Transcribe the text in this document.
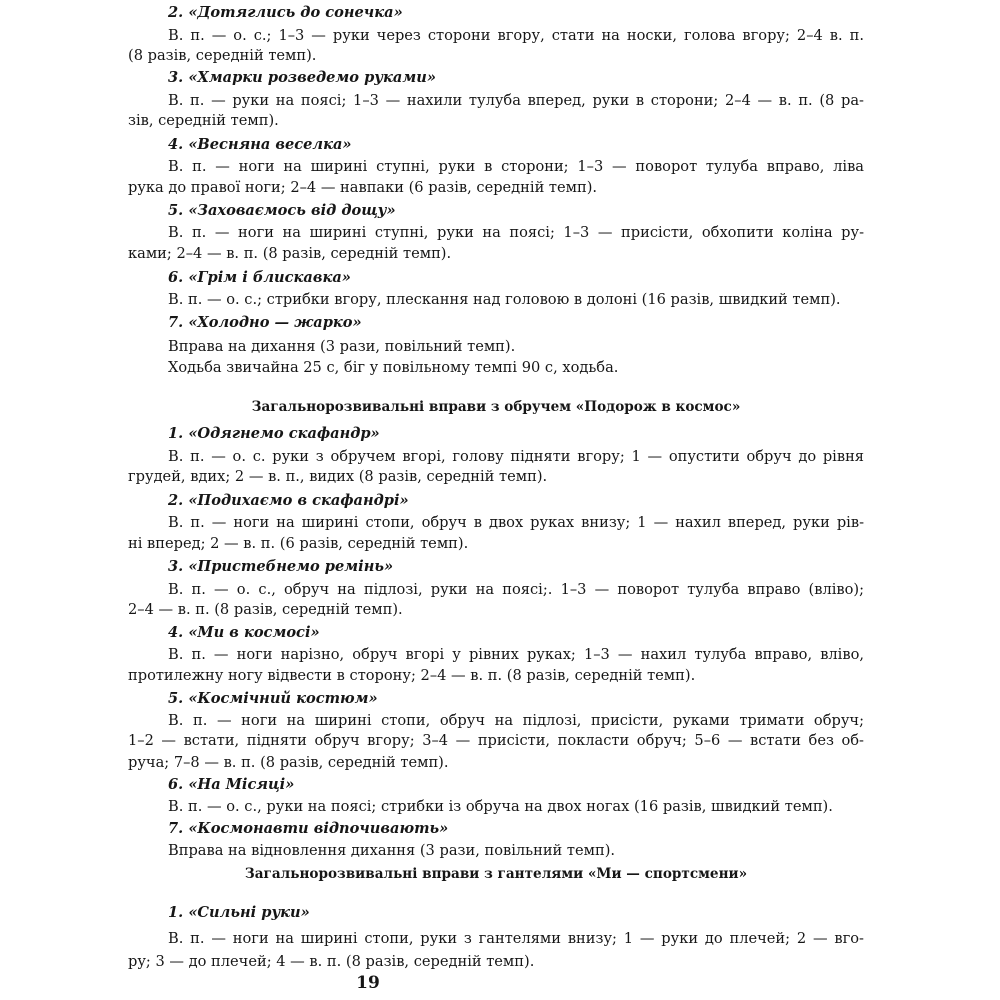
2. «Дотяглись до сонечка»
В. п. — о. с.; 1–3 — руки через сторони вгору, стати на носки, голова вгору; 2–4 в. п.
(8 разів, середній темп).
3. «Хмарки розведемо руками»
В. п. — руки на поясі; 1–3 — нахили тулуба вперед, руки в сторони; 2–4 — в. п. (8 ра-
зів, середній темп).
4. «Весняна веселка»
В. п. — ноги на ширині ступні, руки в сторони; 1–3 — поворот тулуба вправо, ліва
рука до правої ноги; 2–4 — навпаки (6 разів, середній темп).
5. «Заховаємось від дощу»
В. п. — ноги на ширині ступні, руки на поясі; 1–3 — присісти, обхопити коліна ру-
ками; 2–4 — в. п. (8 разів, середній темп).
6. «Грім і блискавка»
В. п. — о. с.; стрибки вгору, плескання над головою в долоні (16 разів, швидкий темп).
7. «Холодно — жарко»
Вправа на дихання (3 рази, повільний темп).
Ходьба звичайна 25 с, біг у повільному темпі 90 с, ходьба.
Загальнорозвивальні вправи з обручем «Подорож в космос»
1. «Одягнемо скафандр»
В. п. — о. с. руки з обручем вгорі, голову підняти вгору; 1 — опустити обруч до рівня
грудей, вдих; 2 — в. п., видих (8 разів, середній темп).
2. «Подихаємо в скафандрі»
В. п. — ноги на ширині стопи, обруч в двох руках внизу; 1 — нахил вперед, руки рів-
ні вперед; 2 — в. п. (6 разів, середній темп).
3. «Пристебнемо ремінь»
В. п. — о. с., обруч на підлозі, руки на поясі;. 1–3 — поворот тулуба вправо (вліво);
2–4 — в. п. (8 разів, середній темп).
4. «Ми в космосі»
В. п. — ноги нарізно, обруч вгорі у рівних руках; 1–3 — нахил тулуба вправо, вліво,
протилежну ногу відвести в сторону; 2–4 — в. п. (8 разів, середній темп).
5. «Космічний костюм»
В. п. — ноги на ширині стопи, обруч на підлозі, присісти, руками тримати обруч;
1–2 — встати, підняти обруч вгору; 3–4 — присісти, покласти обруч; 5–6 — встати без об-
руча; 7–8 — в. п. (8 разів, середній темп).
6. «На Місяці»
В. п. — о. с., руки на поясі; стрибки із обруча на двох ногах (16 разів, швидкий темп).
7. «Космонавти відпочивають»
Вправа на відновлення дихання (3 рази, повільний темп).
Загальнорозвивальні вправи з гантелями «Ми — спортсмени»
1. «Сильні руки»
В. п. — ноги на ширині стопи, руки з гантелями внизу; 1 — руки до плечей; 2 — вго-
ру; 3 — до плечей; 4 — в. п. (8 разів, середній темп).
19
